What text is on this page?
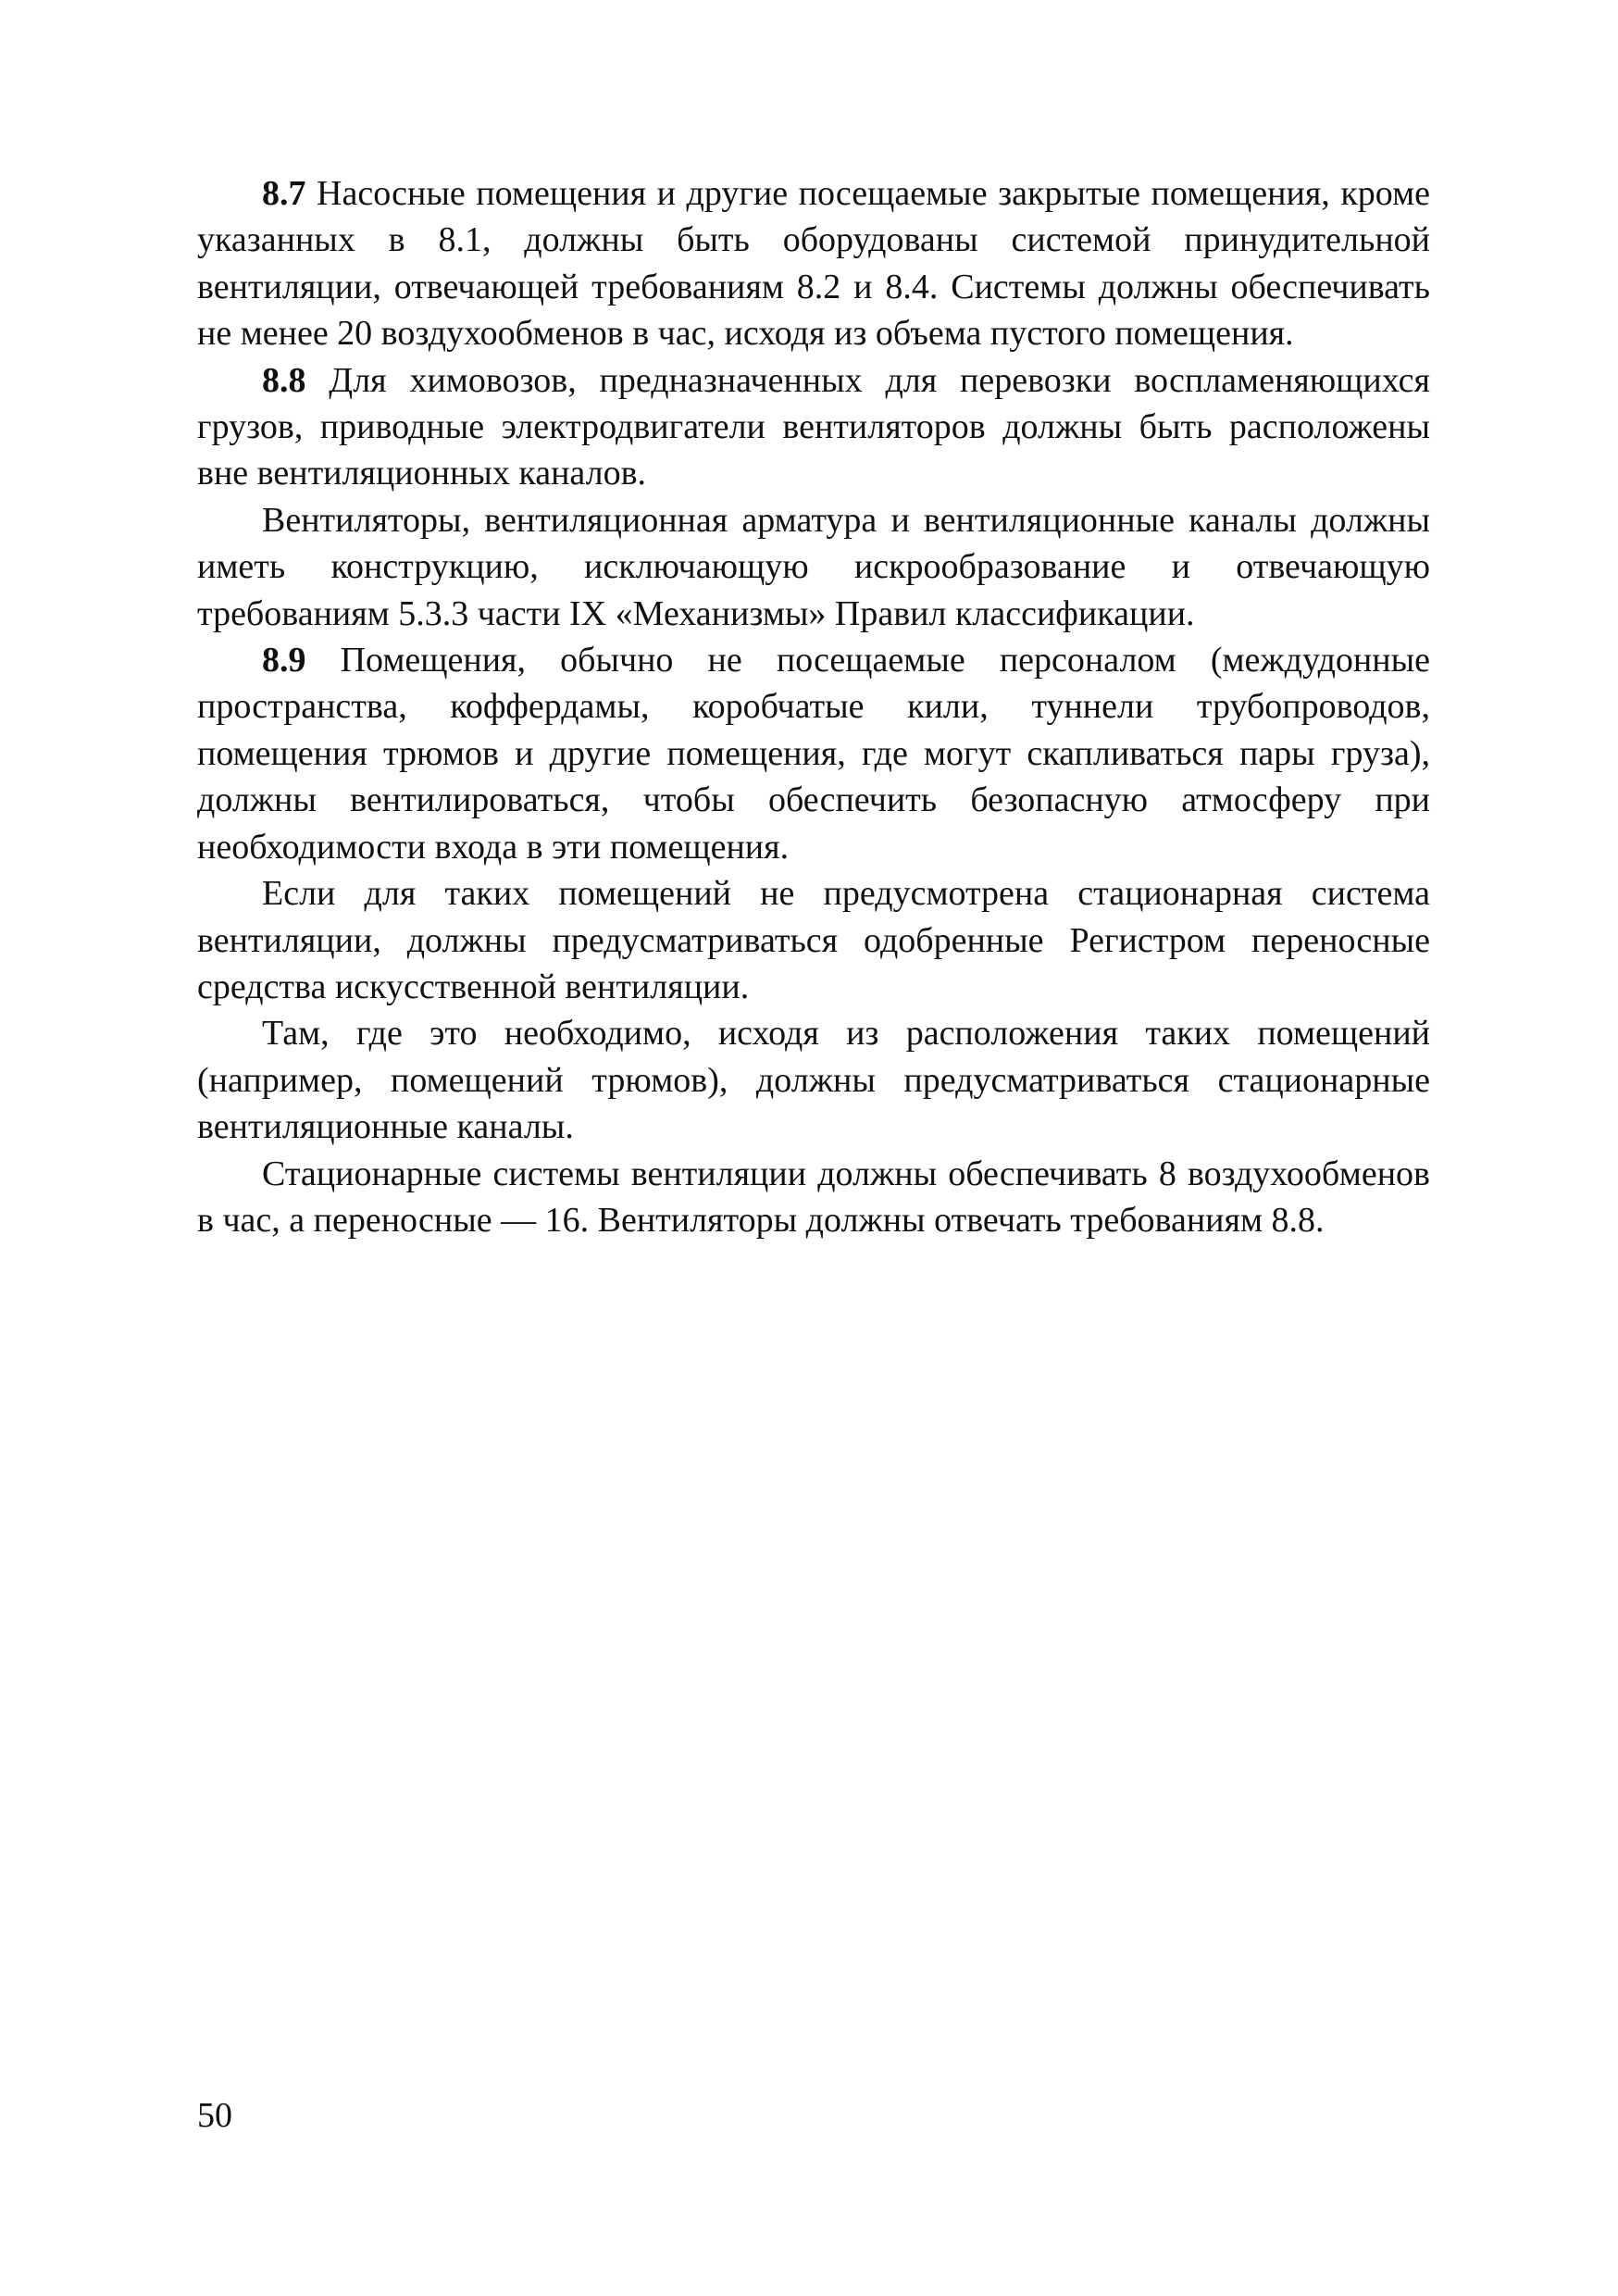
8.7 Насосные помещения и другие посещаемые закрытые помещения, кроме указанных в 8.1, должны быть оборудованы системой принудительной вентиляции, отвечающей требованиям 8.2 и 8.4. Системы должны обеспечивать не менее 20 воздухообменов в час, исходя из объема пустого помещения.

8.8 Для химовозов, предназначенных для перевозки воспламеняющихся грузов, приводные электродвигатели вентиляторов должны быть расположены вне вентиляционных каналов.

Вентиляторы, вентиляционная арматура и вентиляционные каналы должны иметь конструкцию, исключающую искрообразование и отвечающую требованиям 5.3.3 части IX «Механизмы» Правил классификации.

8.9 Помещения, обычно не посещаемые персоналом (междудонные пространства, коффердамы, коробчатые кили, туннели трубопроводов, помещения трюмов и другие помещения, где могут скапливаться пары груза), должны вентилироваться, чтобы обеспечить безопасную атмосферу при необходимости входа в эти помещения.

Если для таких помещений не предусмотрена стационарная система вентиляции, должны предусматриваться одобренные Регистром переносные средства искусственной вентиляции.

Там, где это необходимо, исходя из расположения таких помещений (например, помещений трюмов), должны предусматриваться стационарные вентиляционные каналы.

Стационарные системы вентиляции должны обеспечивать 8 воздухообменов в час, а переносные — 16. Вентиляторы должны отвечать требованиям 8.8.

50
